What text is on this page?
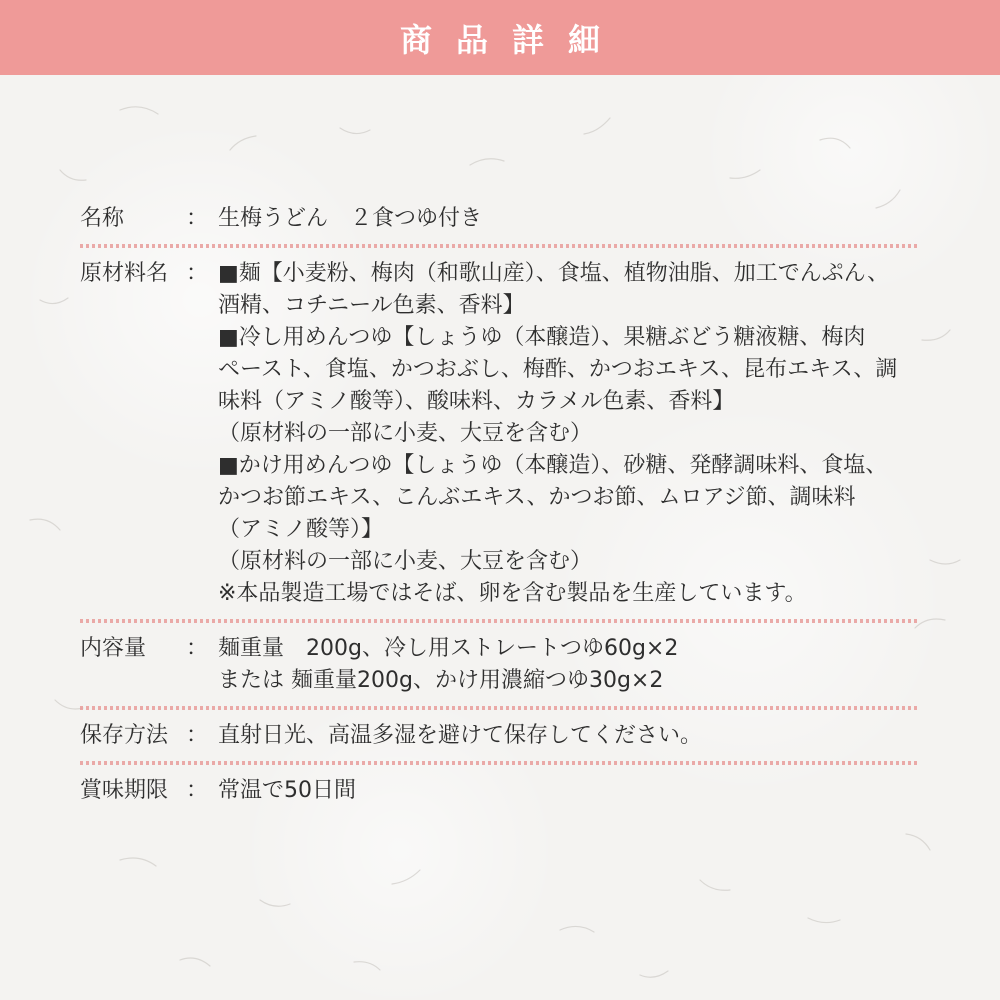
商品詳細
名称	： 生梅うどん　２食つゆ付き
原材料名 ： ■麺【小麦粉、梅肉（和歌山産）、食塩、植物油脂、加工でんぷん、
酒精、コチニール色素、香料】
■冷し用めんつゆ【しょうゆ（本醸造）、果糖ぶどう糖液糖、梅肉
ペースト、食塩、かつおぶし、梅酢、かつおエキス、昆布エキス、調
味料（アミノ酸等）、酸味料、カラメル色素、香料】
（原材料の一部に小麦、大豆を含む）
■かけ用めんつゆ【しょうゆ（本醸造）、砂糖、発酵調味料、食塩、
かつお節エキス、こんぶエキス、かつお節、ムロアジ節、調味料
（アミノ酸等）】
（原材料の一部に小麦、大豆を含む）
※本品製造工場ではそば、卵を含む製品を生産しています。
内容量	： 麺重量　200g、冷し用ストレートつゆ60g×2
または 麺重量200g、かけ用濃縮つゆ30g×2
保存方法 ： 直射日光、高温多湿を避けて保存してください。
賞味期限 ： 常温で50日間
